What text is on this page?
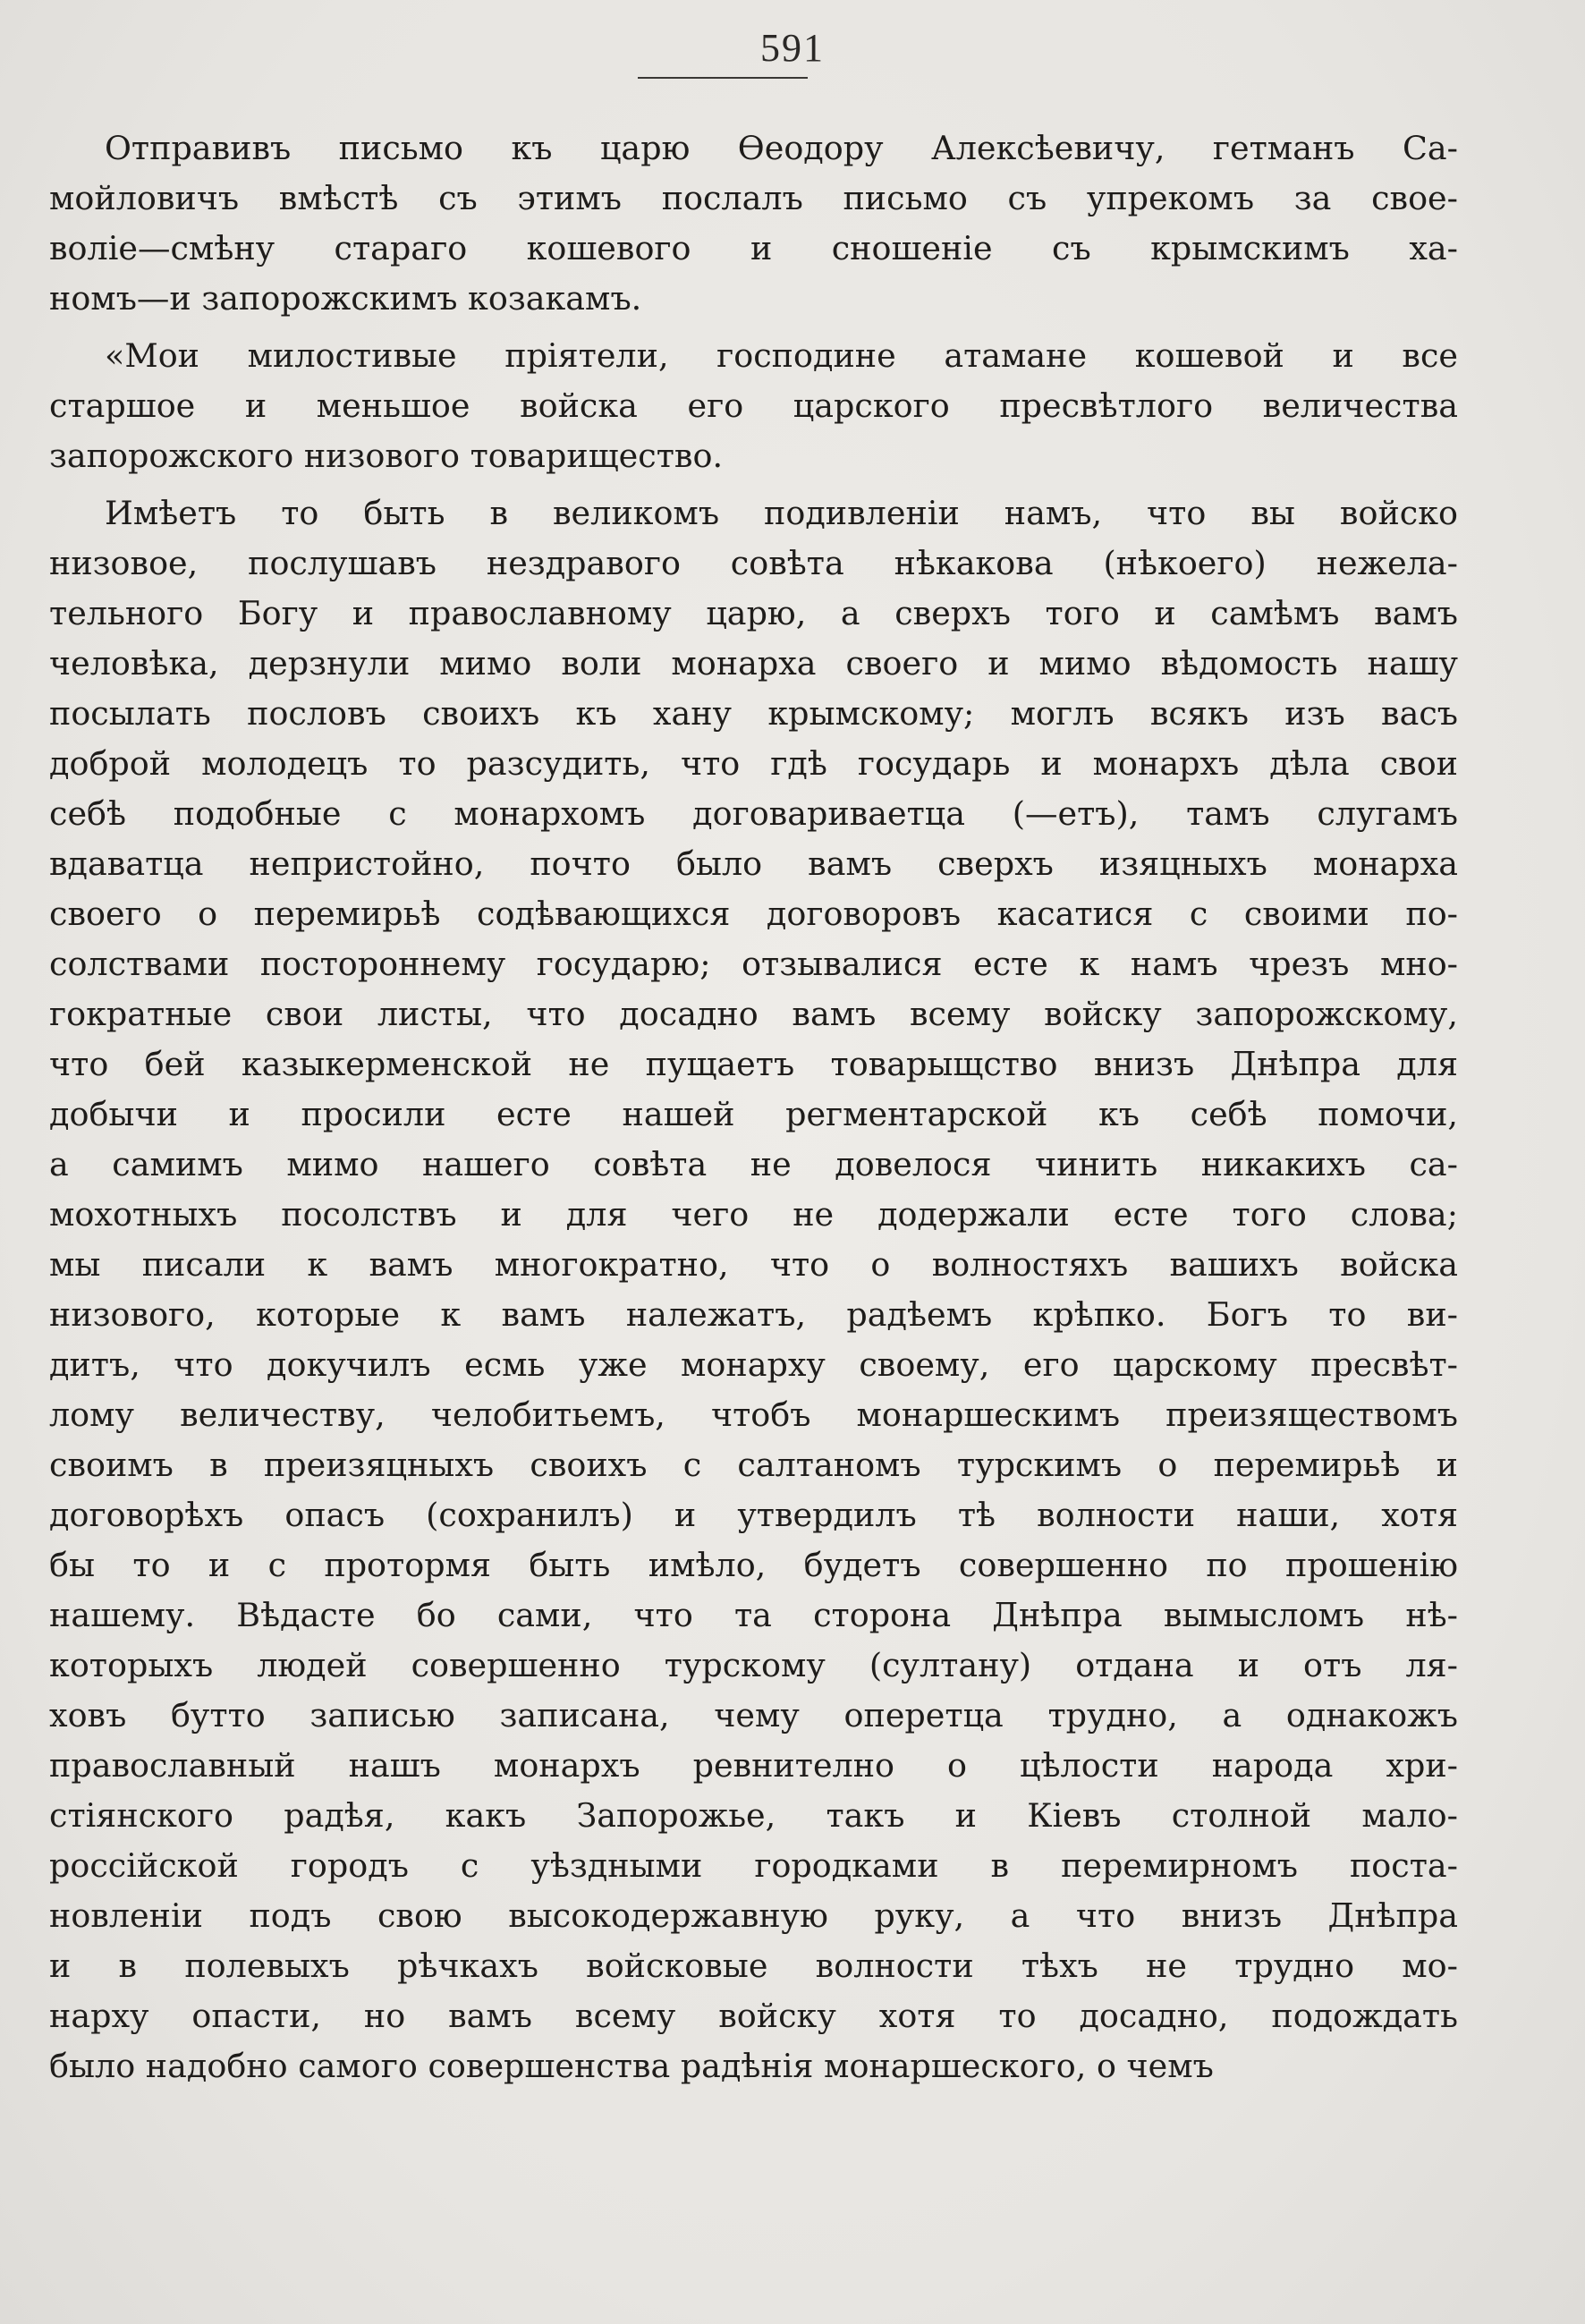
591
Отправивъ письмо къ царю Ѳеодору Алексѣевичу, гетманъ Са-
мойловичъ вмѣстѣ съ этимъ послалъ письмо съ упрекомъ за свое-
воліе—смѣну стараго кошевого и сношеніе съ крымскимъ ха-
номъ—и запорожскимъ козакамъ.
«Мои милостивые пріятели, господине атамане кошевой и все
старшое и меньшое войска его царского пресвѣтлого величества
запорожского низового товарищество.
Имѣетъ то быть в великомъ подивленіи намъ, что вы войско
низовое, послушавъ нездравого совѣта нѣкакова (нѣкоего) нежела-
тельного Богу и православному царю, а сверхъ того и самѣмъ вамъ
человѣка, дерзнули мимо воли монарха своего и мимо вѣдомость нашу
посылать пословъ своихъ къ хану крымскому; моглъ всякъ изъ васъ
доброй молодецъ то разсудить, что гдѣ государь и монархъ дѣла свои
себѣ подобные с монархомъ договариваетца (—етъ), тамъ слугамъ
вдаватца непристойно, почто было вамъ сверхъ изяцныхъ монарха
своего о перемирьѣ содѣвающихся договоровъ касатися с своими по-
солствами постороннему государю; отзывалися есте к намъ чрезъ мно-
гократные свои листы, что досадно вамъ всему войску запорожскому,
что бей казыкерменской не пущаетъ товарыщство внизъ Днѣпра для
добычи и просили есте нашей регментарской къ себѣ помочи,
а самимъ мимо нашего совѣта не довелося чинить никакихъ са-
мохотныхъ посолствъ и для чего не додержали есте того слова;
мы писали к вамъ многократно, что о волностяхъ вашихъ войска
низового, которые к вамъ належатъ, радѣемъ крѣпко. Богъ то ви-
дитъ, что докучилъ есмь уже монарху своему, его царскому пресвѣт-
лому величеству, челобитьемъ, чтобъ монаршескимъ преизяществомъ
своимъ в преизяцныхъ своихъ с салтаномъ турскимъ о перемирьѣ и
договорѣхъ опасъ (сохранилъ) и утвердилъ тѣ волности наши, хотя
бы то и с протормя быть имѣло, будетъ совершенно по прошенію
нашему. Вѣдасте бо сами, что та сторона Днѣпра вымысломъ нѣ-
которыхъ людей совершенно турскому (султану) отдана и отъ ля-
ховъ бутто записью записана, чему оперетца трудно, а однакожъ
православный нашъ монархъ ревнително о цѣлости народа хри-
стіянского радѣя, какъ Запорожье, такъ и Кіевъ столной мало-
россійской городъ с уѣздными городками в перемирномъ поста-
новленіи подъ свою высокодержавную руку, а что внизъ Днѣпра
и в полевыхъ рѣчкахъ войсковые волности тѣхъ не трудно мо-
нарху опасти, но вамъ всему войску хотя то досадно, подождать
было надобно самого совершенства радѣнія монаршеского, о чемъ
